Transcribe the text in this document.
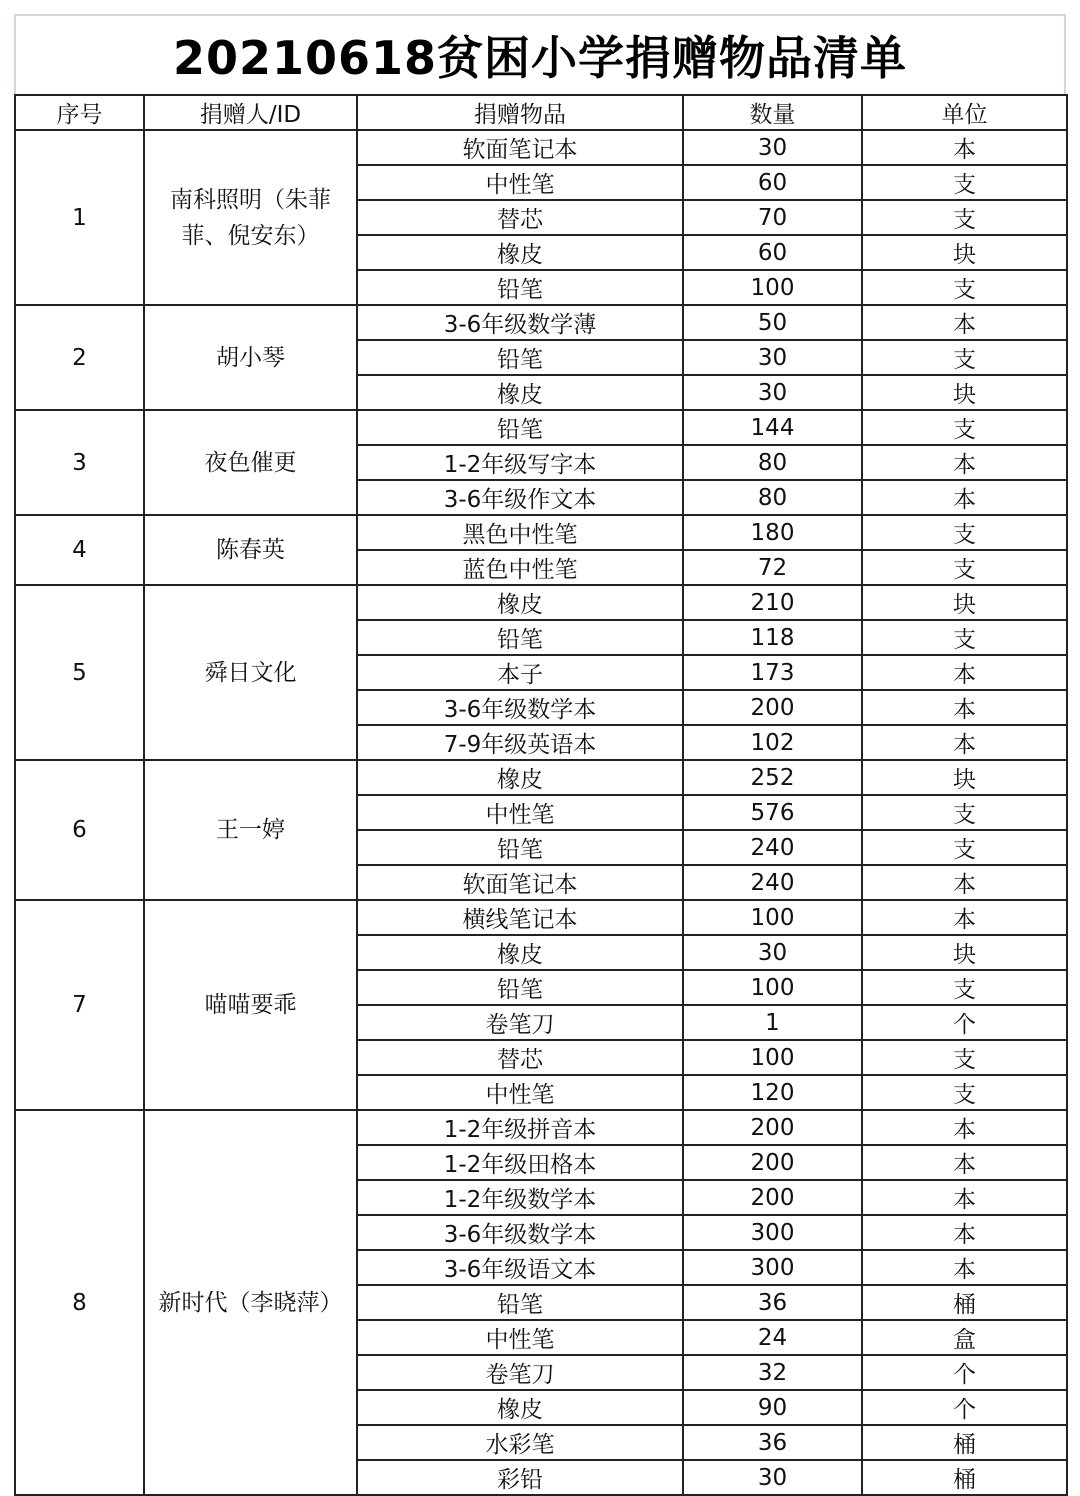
20210618贫困小学捐赠物品清单
序号	捐赠人/ID	捐赠物品	数量	单位
1	南科照明（朱菲菲、倪安东）	软面笔记本	30	本
		中性笔	60	支
		替芯	70	支
		橡皮	60	块
		铅笔	100	支
2	胡小琴	3-6年级数学薄	50	本
		铅笔	30	支
		橡皮	30	块
3	夜色催更	铅笔	144	支
		1-2年级写字本	80	本
		3-6年级作文本	80	本
4	陈春英	黑色中性笔	180	支
		蓝色中性笔	72	支
5	舜日文化	橡皮	210	块
		铅笔	118	支
		本子	173	本
		3-6年级数学本	200	本
		7-9年级英语本	102	本
6	王一婷	橡皮	252	块
		中性笔	576	支
		铅笔	240	支
		软面笔记本	240	本
7	喵喵要乖	横线笔记本	100	本
		橡皮	30	块
		铅笔	100	支
		卷笔刀	1	个
		替芯	100	支
		中性笔	120	支
8	新时代（李晓萍）	1-2年级拼音本	200	本
		1-2年级田格本	200	本
		1-2年级数学本	200	本
		3-6年级数学本	300	本
		3-6年级语文本	300	本
		铅笔	36	桶
		中性笔	24	盒
		卷笔刀	32	个
		橡皮	90	个
		水彩笔	36	桶
		彩铅	30	桶
